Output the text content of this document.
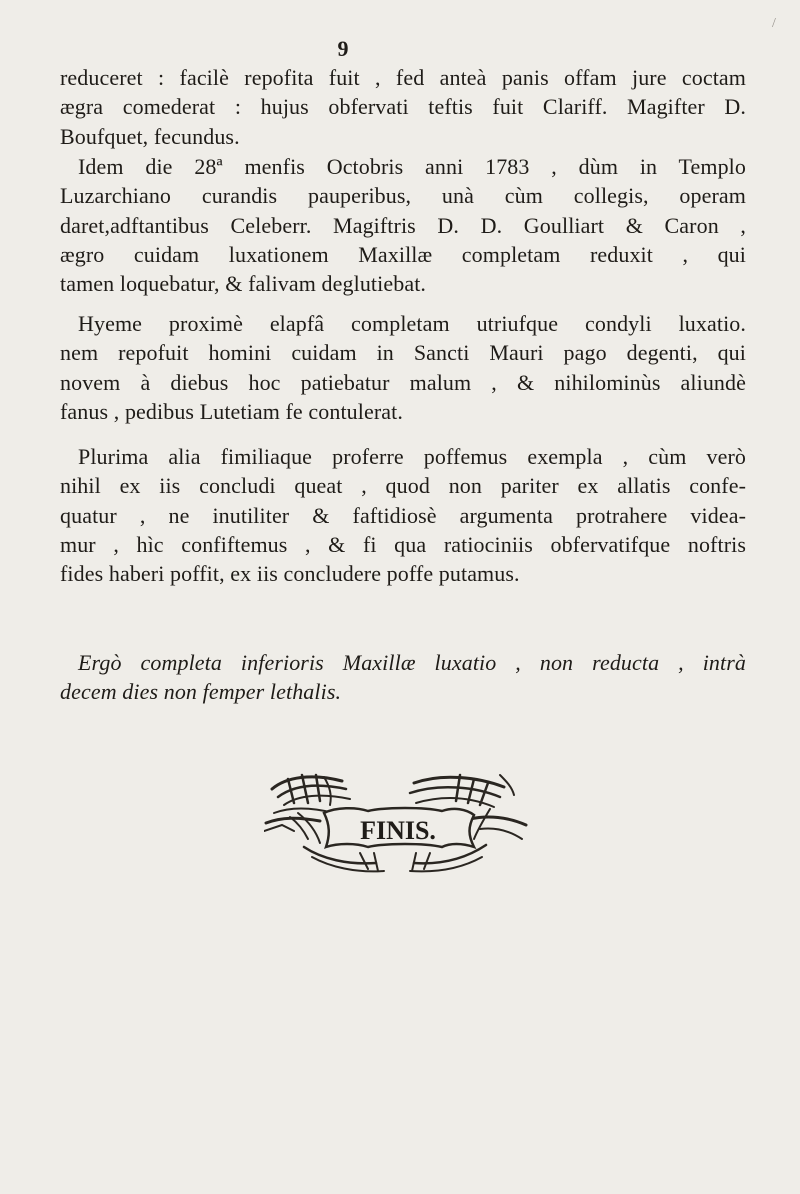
/
9
reduceret : facilè repofita fuit , fed anteà panis offam jure coctam
ægra comederat : hujus obfervati teftis fuit Clariff. Magifter D.
Boufquet, fecundus.
Idem die 28ª menfis Octobris anni 1783 , dùm in Templo
Luzarchiano curandis pauperibus, unà cùm collegis, operam
daret,adftantibus Celeberr. Magiftris D. D. Goulliart & Caron ,
ægro cuidam luxationem Maxillæ completam reduxit , qui
tamen loquebatur, & falivam deglutiebat.
Hyeme proximè elapfâ completam utriufque condyli luxatio.
nem repofuit homini cuidam in Sancti Mauri pago degenti, qui
novem à diebus hoc patiebatur malum , & nihilominùs aliundè
fanus , pedibus Lutetiam fe contulerat.
Plurima alia fimiliaque proferre poffemus exempla , cùm verò
nihil ex iis concludi queat , quod non pariter ex allatis confe-
quatur , ne inutiliter & faftidiosè argumenta protrahere videa-
mur , hìc confiftemus , & fi qua ratiociniis obfervatifque noftris
fides haberi poffit, ex iis concludere poffe putamus.
Ergò completa inferioris Maxillæ luxatio , non reducta , intrà
decem dies non femper lethalis.
FINIS.
